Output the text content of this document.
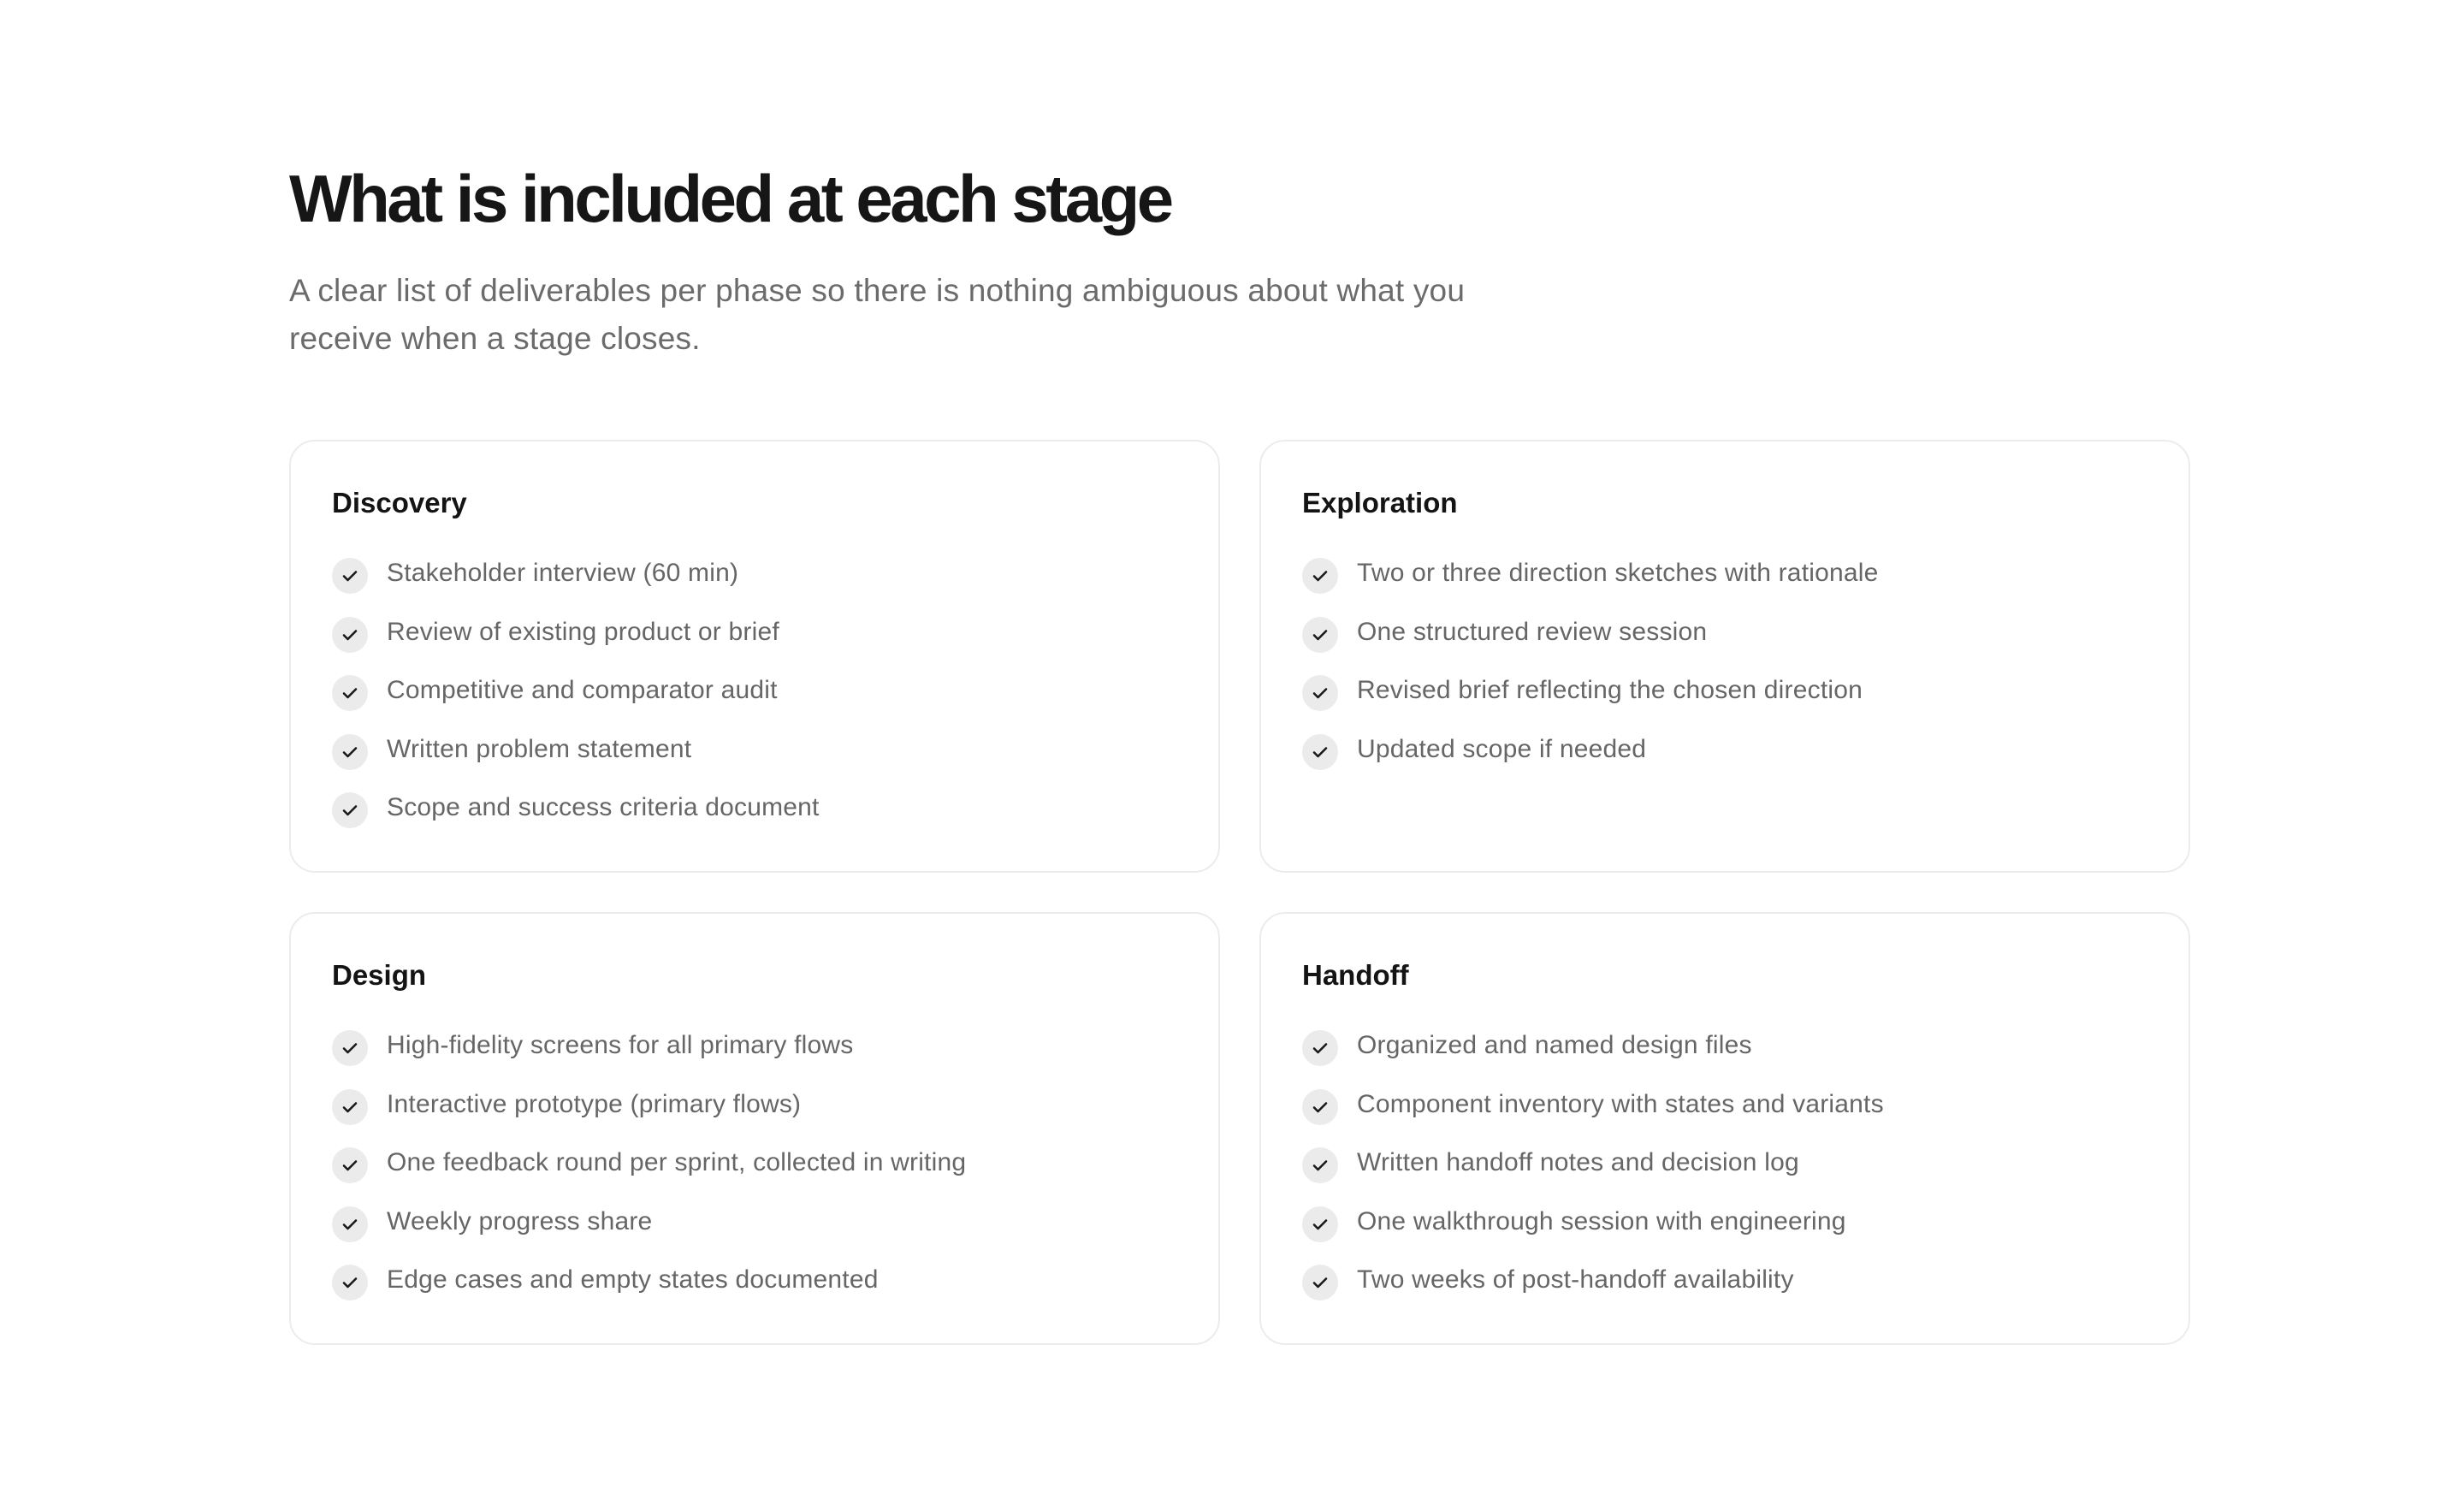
What is included at each stage

A clear list of deliverables per phase so there is nothing ambiguous about what you receive when a stage closes.

Discovery
Stakeholder interview (60 min)
Review of existing product or brief
Competitive and comparator audit
Written problem statement
Scope and success criteria document
Exploration
Two or three direction sketches with rationale
One structured review session
Revised brief reflecting the chosen direction
Updated scope if needed
Design
High-fidelity screens for all primary flows
Interactive prototype (primary flows)
One feedback round per sprint, collected in writing
Weekly progress share
Edge cases and empty states documented
Handoff
Organized and named design files
Component inventory with states and variants
Written handoff notes and decision log
One walkthrough session with engineering
Two weeks of post-handoff availability
